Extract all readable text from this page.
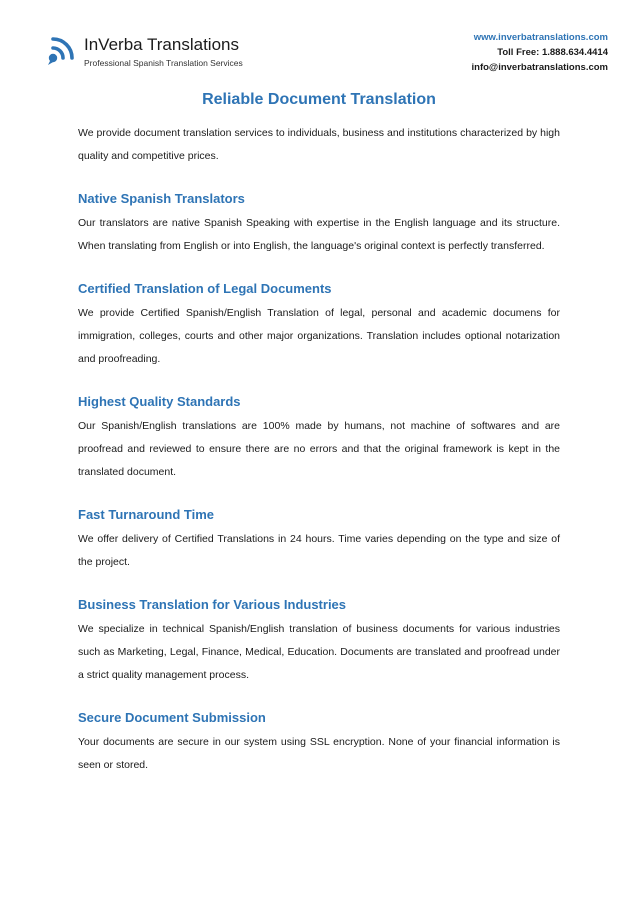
InVerba Translations
Professional Spanish Translation Services
www.inverbatranslations.com
Toll Free: 1.888.634.4414
info@inverbatranslations.com
Reliable Document Translation

We provide document translation services to individuals, business and institutions characterized by high quality and competitive prices.

Native Spanish Translators

Our translators are native Spanish Speaking with expertise in the English language and its structure. When translating from English or into English, the language's original context is perfectly transferred.

Certified Translation of Legal Documents

We provide Certified Spanish/English Translation of legal, personal and academic documens for immigration, colleges, courts and other major organizations. Translation includes optional notarization and proofreading.

Highest Quality Standards

Our Spanish/English translations are 100% made by humans, not machine of softwares and are proofread and reviewed to ensure there are no errors and that the original framework is kept in the translated document.

Fast Turnaround Time

We offer delivery of Certified Translations in 24 hours. Time varies depending on the type and size of the project.

Business Translation for Various Industries

We specialize in technical Spanish/English translation of business documents for various industries such as Marketing, Legal, Finance, Medical, Education. Documents are translated and proofread under a strict quality management process.

Secure Document Submission

Your documents are secure in our system using SSL encryption. None of your financial information is seen or stored.
